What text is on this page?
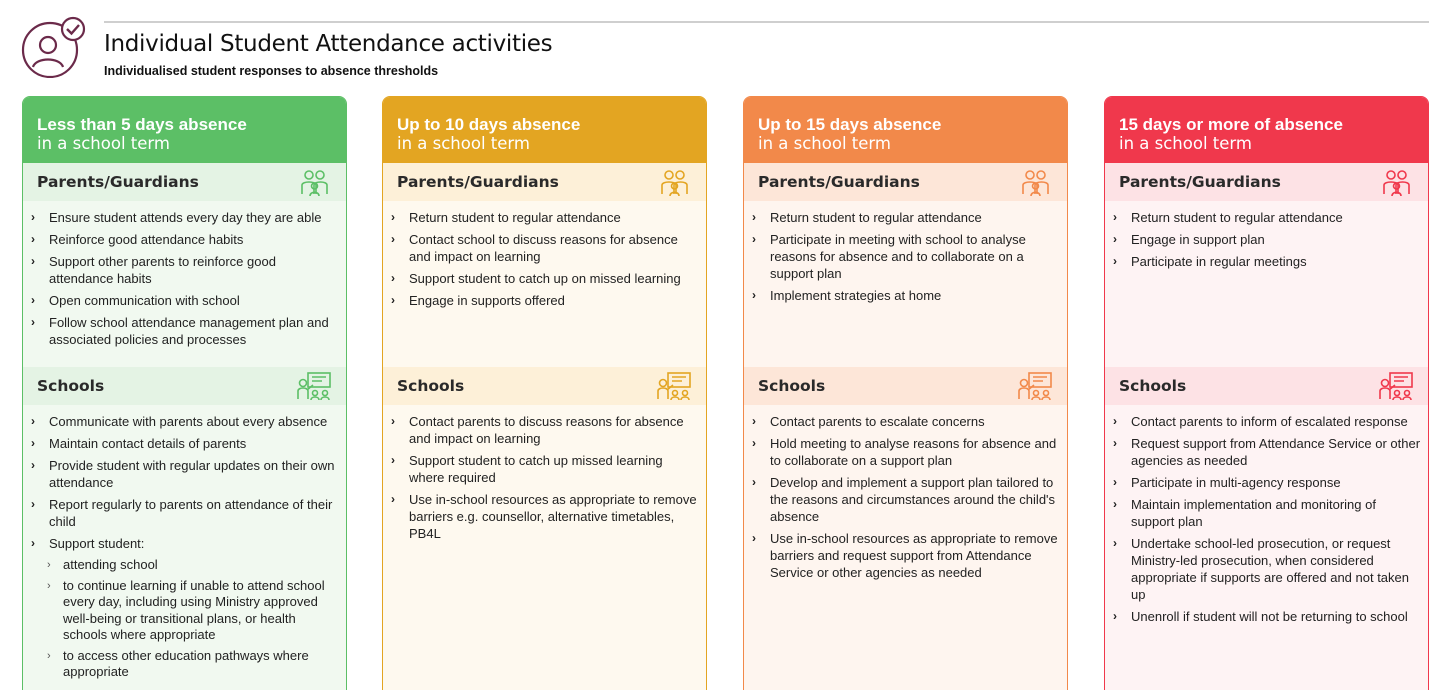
Individual Student Attendance activities
Individualised student responses to absence thresholds
Less than 5 days absence
in a school term
Parents/Guardians
› Ensure student attends every day they are able
› Reinforce good attendance habits
› Support other parents to reinforce good attendance habits
› Open communication with school
› Follow school attendance management plan and associated policies and processes
Schools
› Communicate with parents about every absence
› Maintain contact details of parents
› Provide student with regular updates on their own attendance
› Report regularly to parents on attendance of their child
› Support student:
› attending school
› to continue learning if unable to attend school every day, including using Ministry approved well-being or transitional plans, or health schools where appropriate
› to access other education pathways where appropriate
Up to 10 days absence
in a school term
Parents/Guardians
› Return student to regular attendance
› Contact school to discuss reasons for absence and impact on learning
› Support student to catch up on missed learning
› Engage in supports offered
Schools
› Contact parents to discuss reasons for absence and impact on learning
› Support student to catch up missed learning where required
› Use in-school resources as appropriate to remove barriers e.g. counsellor, alternative timetables, PB4L
Up to 15 days absence
in a school term
Parents/Guardians
› Return student to regular attendance
› Participate in meeting with school to analyse reasons for absence and to collaborate on a support plan
› Implement strategies at home
Schools
› Contact parents to escalate concerns
› Hold meeting to analyse reasons for absence and to collaborate on a support plan
› Develop and implement a support plan tailored to the reasons and circumstances around the child's absence
› Use in-school resources as appropriate to remove barriers and request support from Attendance Service or other agencies as needed
15 days or more of absence
in a school term
Parents/Guardians
› Return student to regular attendance
› Engage in support plan
› Participate in regular meetings
Schools
› Contact parents to inform of escalated response
› Request support from Attendance Service or other agencies as needed
› Participate in multi-agency response
› Maintain implementation and monitoring of support plan
› Undertake school-led prosecution, or request Ministry-led prosecution, when considered appropriate if supports are offered and not taken up
› Unenroll if student will not be returning to school
